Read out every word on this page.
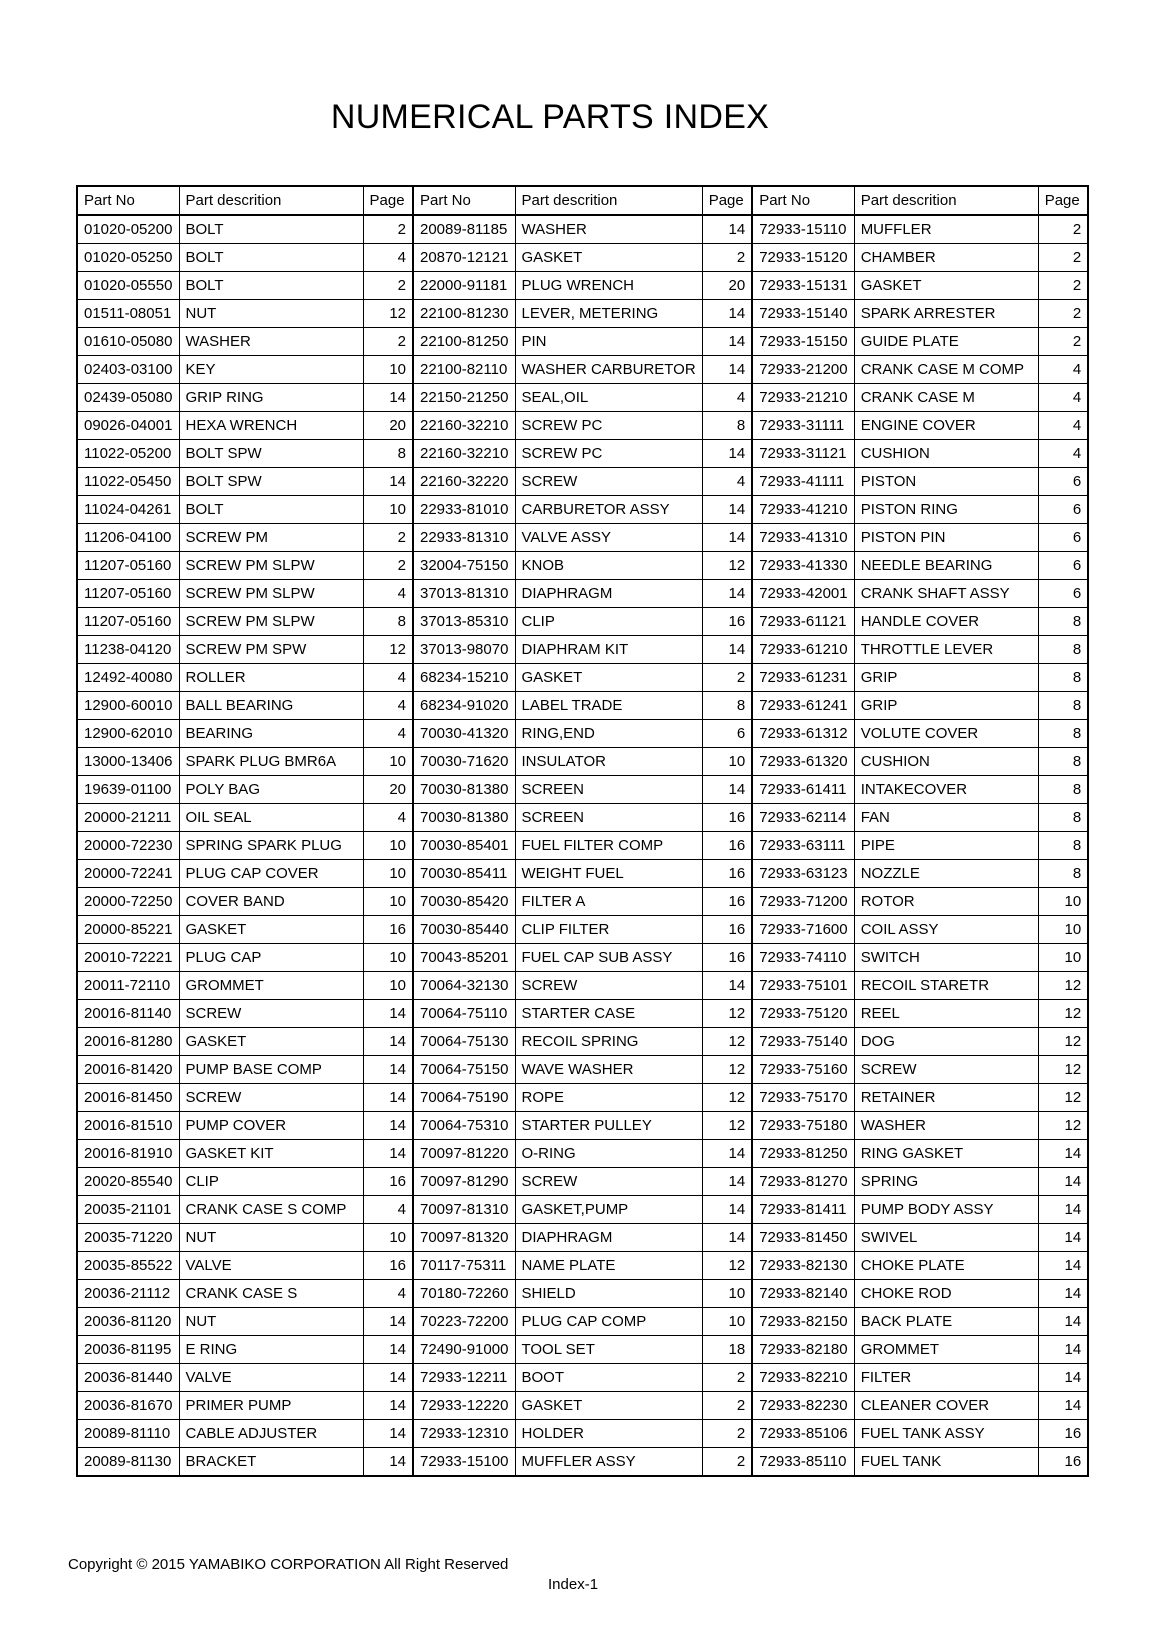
NUMERICAL PARTS INDEX
Part No	Part descrition	Page	Part No	Part descrition	Page	Part No	Part descrition	Page
01020-05200	BOLT	2	20089-81185	WASHER	14	72933-15110	MUFFLER	2
01020-05250	BOLT	4	20870-12121	GASKET	2	72933-15120	CHAMBER	2
01020-05550	BOLT	2	22000-91181	PLUG WRENCH	20	72933-15131	GASKET	2
01511-08051	NUT	12	22100-81230	LEVER, METERING	14	72933-15140	SPARK ARRESTER	2
01610-05080	WASHER	2	22100-81250	PIN	14	72933-15150	GUIDE PLATE	2
02403-03100	KEY	10	22100-82110	WASHER CARBURETOR	14	72933-21200	CRANK CASE M COMP	4
02439-05080	GRIP RING	14	22150-21250	SEAL,OIL	4	72933-21210	CRANK CASE M	4
09026-04001	HEXA WRENCH	20	22160-32210	SCREW PC	8	72933-31111	ENGINE COVER	4
11022-05200	BOLT SPW	8	22160-32210	SCREW PC	14	72933-31121	CUSHION	4
11022-05450	BOLT SPW	14	22160-32220	SCREW	4	72933-41111	PISTON	6
11024-04261	BOLT	10	22933-81010	CARBURETOR ASSY	14	72933-41210	PISTON RING	6
11206-04100	SCREW PM	2	22933-81310	VALVE ASSY	14	72933-41310	PISTON PIN	6
11207-05160	SCREW PM SLPW	2	32004-75150	KNOB	12	72933-41330	NEEDLE BEARING	6
11207-05160	SCREW PM SLPW	4	37013-81310	DIAPHRAGM	14	72933-42001	CRANK SHAFT ASSY	6
11207-05160	SCREW PM SLPW	8	37013-85310	CLIP	16	72933-61121	HANDLE COVER	8
11238-04120	SCREW PM SPW	12	37013-98070	DIAPHRAM KIT	14	72933-61210	THROTTLE LEVER	8
12492-40080	ROLLER	4	68234-15210	GASKET	2	72933-61231	GRIP	8
12900-60010	BALL BEARING	4	68234-91020	LABEL TRADE	8	72933-61241	GRIP	8
12900-62010	BEARING	4	70030-41320	RING,END	6	72933-61312	VOLUTE COVER	8
13000-13406	SPARK PLUG BMR6A	10	70030-71620	INSULATOR	10	72933-61320	CUSHION	8
19639-01100	POLY BAG	20	70030-81380	SCREEN	14	72933-61411	INTAKECOVER	8
20000-21211	OIL SEAL	4	70030-81380	SCREEN	16	72933-62114	FAN	8
20000-72230	SPRING SPARK PLUG	10	70030-85401	FUEL FILTER COMP	16	72933-63111	PIPE	8
20000-72241	PLUG CAP COVER	10	70030-85411	WEIGHT FUEL	16	72933-63123	NOZZLE	8
20000-72250	COVER BAND	10	70030-85420	FILTER A	16	72933-71200	ROTOR	10
20000-85221	GASKET	16	70030-85440	CLIP FILTER	16	72933-71600	COIL ASSY	10
20010-72221	PLUG CAP	10	70043-85201	FUEL CAP SUB ASSY	16	72933-74110	SWITCH	10
20011-72110	GROMMET	10	70064-32130	SCREW	14	72933-75101	RECOIL STARETR	12
20016-81140	SCREW	14	70064-75110	STARTER CASE	12	72933-75120	REEL	12
20016-81280	GASKET	14	70064-75130	RECOIL SPRING	12	72933-75140	DOG	12
20016-81420	PUMP BASE COMP	14	70064-75150	WAVE WASHER	12	72933-75160	SCREW	12
20016-81450	SCREW	14	70064-75190	ROPE	12	72933-75170	RETAINER	12
20016-81510	PUMP COVER	14	70064-75310	STARTER PULLEY	12	72933-75180	WASHER	12
20016-81910	GASKET KIT	14	70097-81220	O-RING	14	72933-81250	RING GASKET	14
20020-85540	CLIP	16	70097-81290	SCREW	14	72933-81270	SPRING	14
20035-21101	CRANK CASE S COMP	4	70097-81310	GASKET,PUMP	14	72933-81411	PUMP BODY ASSY	14
20035-71220	NUT	10	70097-81320	DIAPHRAGM	14	72933-81450	SWIVEL	14
20035-85522	VALVE	16	70117-75311	NAME PLATE	12	72933-82130	CHOKE PLATE	14
20036-21112	CRANK CASE S	4	70180-72260	SHIELD	10	72933-82140	CHOKE ROD	14
20036-81120	NUT	14	70223-72200	PLUG CAP COMP	10	72933-82150	BACK PLATE	14
20036-81195	E RING	14	72490-91000	TOOL SET	18	72933-82180	GROMMET	14
20036-81440	VALVE	14	72933-12211	BOOT	2	72933-82210	FILTER	14
20036-81670	PRIMER PUMP	14	72933-12220	GASKET	2	72933-82230	CLEANER COVER	14
20089-81110	CABLE ADJUSTER	14	72933-12310	HOLDER	2	72933-85106	FUEL TANK ASSY	16
20089-81130	BRACKET	14	72933-15100	MUFFLER ASSY	2	72933-85110	FUEL TANK	16
Copyright © 2015 YAMABIKO CORPORATION All Right Reserved
Index-1
